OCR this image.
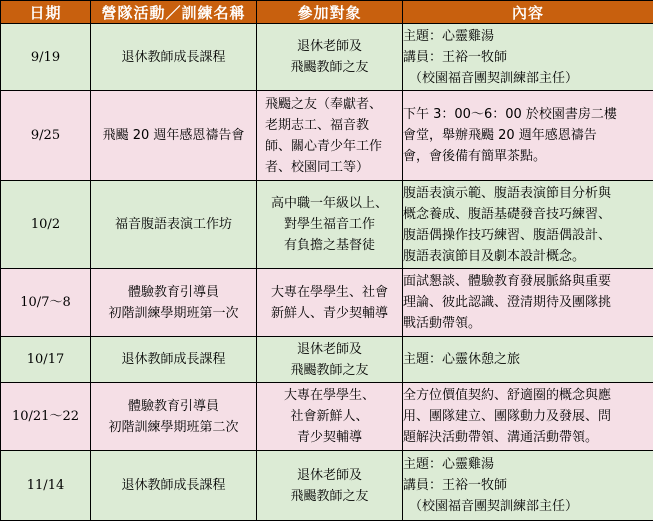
日期	營隊活動／訓練名稱	參加對象	內容
9/19	退休教師成長課程	退休老師及
飛颺教師之友	主題：心靈雞湯
講員：王裕一牧師
（校園福音團契訓練部主任）

9/25	飛颺 20 週年感恩禱告會	飛颺之友（奉獻者、
老期志工、福音教
師、關心青少年工作
者、校園同工等）	下午 3：00～6：00 於校園書房二樓
會堂，舉辦飛颺 20 週年感恩禱告
會，會後備有簡單茶點。

10/2	福音腹語表演工作坊	高中職一年級以上、
對學生福音工作
有負擔之基督徒	腹語表演示範、腹語表演節目分析與
概念養成、腹語基礎發音技巧練習、
腹語偶操作技巧練習、腹語偶設計、
腹語表演節目及劇本設計概念。

10/7～8	體驗教育引導員
初階訓練學期班第一次	大專在學學生、社會
新鮮人、青少契輔導	面試懇談、體驗教育發展脈絡與重要
理論、彼此認識、澄清期待及團隊挑
戰活動帶領。

10/17	退休教師成長課程	退休老師及
飛颺教師之友	主題：心靈休憩之旅

10/21～22	體驗教育引導員
初階訓練學期班第二次	大專在學學生、
社會新鮮人、
青少契輔導	全方位價值契約、舒適圈的概念與應
用、團隊建立、團隊動力及發展、問
題解決活動帶領、溝通活動帶領。

11/14	退休教師成長課程	退休老師及
飛颺教師之友	主題：心靈雞湯
講員：王裕一牧師
（校園福音團契訓練部主任）
